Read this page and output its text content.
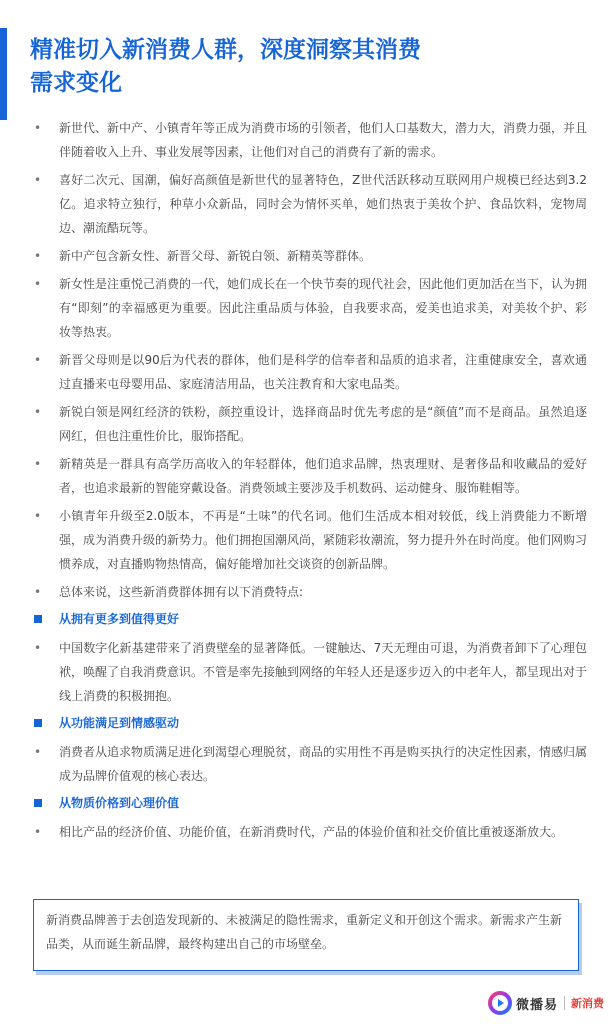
精准切入新消费人群，深度洞察其消费
需求变化
• 新世代、新中产、小镇青年等正成为消费市场的引领者，他们人口基数大，潜力大，消费力强，并且伴随着收入上升、事业发展等因素，让他们对自己的消费有了新的需求。
• 喜好二次元、国潮，偏好高颜值是新世代的显著特色，Z世代活跃移动互联网用户规模已经达到3.2亿。追求特立独行，种草小众新品，同时会为情怀买单，她们热衷于美妆个护、食品饮料，宠物周边、潮流酷玩等。
• 新中产包含新女性、新晋父母、新锐白领、新精英等群体。
• 新女性是注重悦己消费的一代，她们成长在一个快节奏的现代社会，因此他们更加活在当下，认为拥有“即刻”的幸福感更为重要。因此注重品质与体验，自我要求高，爱美也追求美，对美妆个护、彩妆等热衷。
• 新晋父母则是以90后为代表的群体，他们是科学的信奉者和品质的追求者，注重健康安全，喜欢通过直播来屯母婴用品、家庭清洁用品，也关注教育和大家电品类。
• 新锐白领是网红经济的铁粉，颜控重设计，选择商品时优先考虑的是“颜值”而不是商品。虽然追逐网红，但也注重性价比，服饰搭配。
• 新精英是一群具有高学历高收入的年轻群体，他们追求品牌，热衷理财、是奢侈品和收藏品的爱好者，也追求最新的智能穿戴设备。消费领域主要涉及手机数码、运动健身、服饰鞋帽等。
• 小镇青年升级至2.0版本，不再是“土味”的代名词。他们生活成本相对较低，线上消费能力不断增强，成为消费升级的新势力。他们拥抱国潮风尚，紧随彩妆潮流，努力提升外在时尚度。他们网购习惯养成，对直播购物热情高，偏好能增加社交谈资的创新品牌。
• 总体来说，这些新消费群体拥有以下消费特点:
从拥有更多到值得更好
• 中国数字化新基建带来了消费壁垒的显著降低。一键触达、7天无理由可退，为消费者卸下了心理包袱，唤醒了自我消费意识。不管是率先接触到网络的年轻人还是逐步迈入的中老年人，都呈现出对于线上消费的积极拥抱。
从功能满足到情感驱动
• 消费者从追求物质满足进化到渴望心理脱贫，商品的实用性不再是购买执行的决定性因素，情感归属成为品牌价值观的核心表达。
从物质价格到心理价值
• 相比产品的经济价值、功能价值，在新消费时代，产品的体验价值和社交价值比重被逐渐放大。
新消费品牌善于去创造发现新的、未被满足的隐性需求，重新定义和开创这个需求。新需求产生新品类，从而诞生新品牌，最终构建出自己的市场壁垒。
微播易 新消费
